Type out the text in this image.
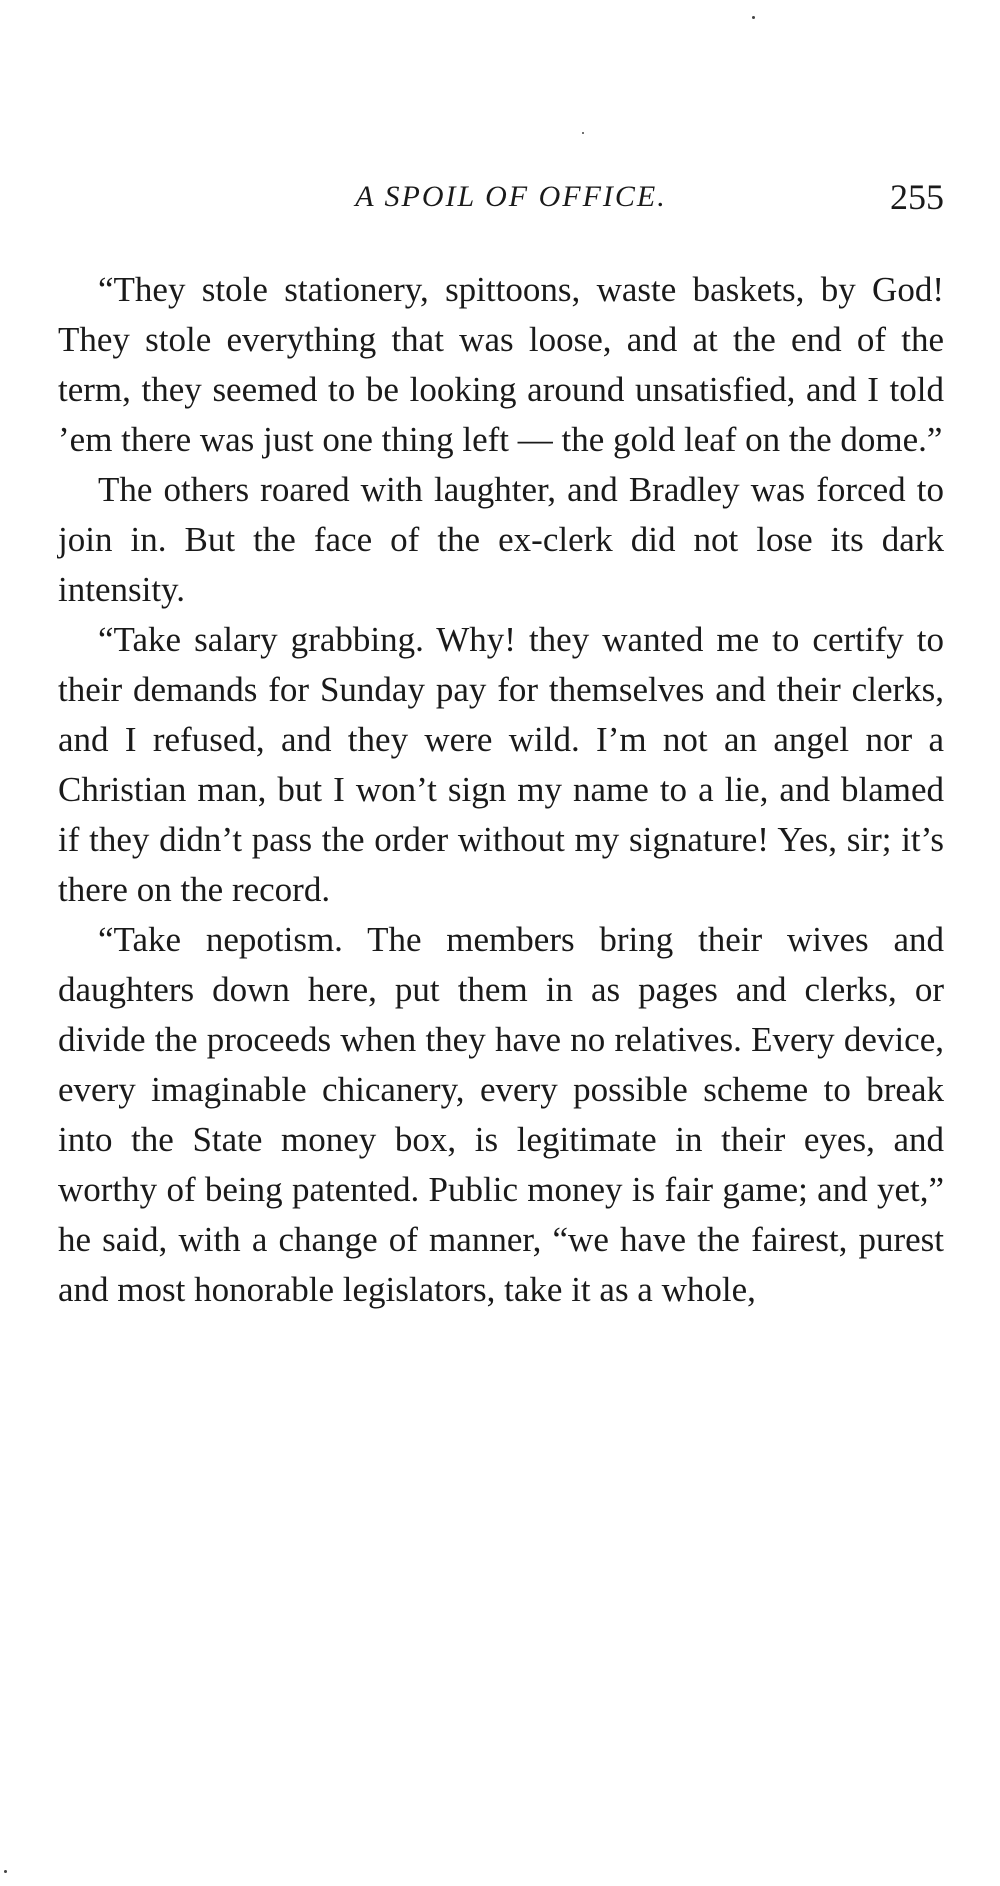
A SPOIL OF OFFICE.	255

“They stole stationery, spittoons, waste baskets, by God! They stole everything that was loose, and at the end of the term, they seemed to be looking around unsatisfied, and I told ’em there was just one thing left — the gold leaf on the dome.”

The others roared with laughter, and Bradley was forced to join in. But the face of the ex-clerk did not lose its dark intensity.

“Take salary grabbing. Why! they wanted me to certify to their demands for Sunday pay for themselves and their clerks, and I refused, and they were wild. I’m not an angel nor a Christian man, but I won’t sign my name to a lie, and blamed if they didn’t pass the order without my signature! Yes, sir; it’s there on the record.

“Take nepotism. The members bring their wives and daughters down here, put them in as pages and clerks, or divide the proceeds when they have no relatives. Every device, every imaginable chicanery, every possible scheme to break into the State money box, is legitimate in their eyes, and worthy of being patented. Public money is fair game; and yet,” he said, with a change of manner, “we have the fairest, purest and most honorable legislators, take it as a whole,
